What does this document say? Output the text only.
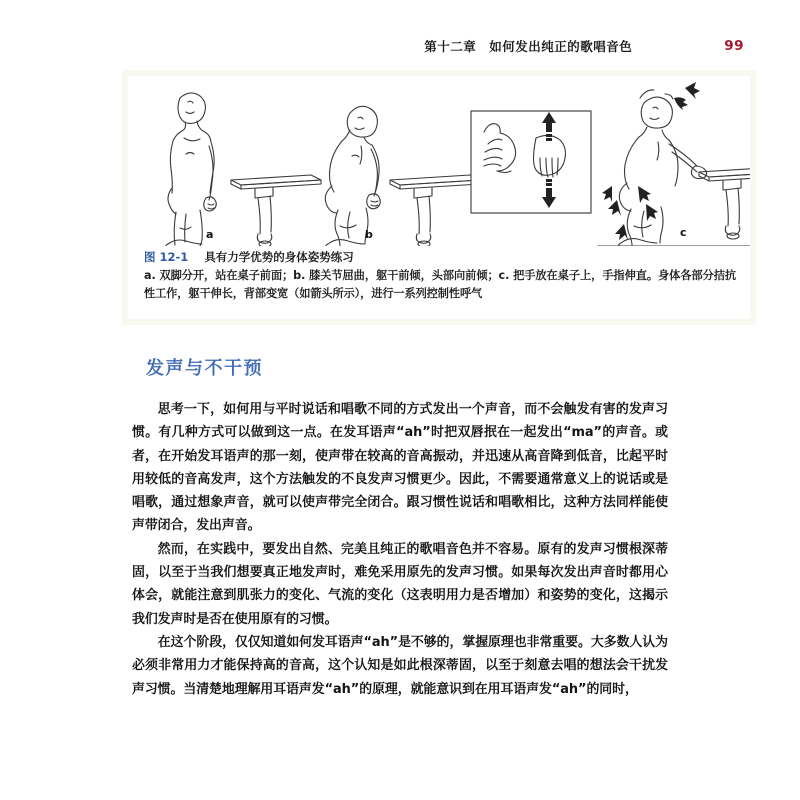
第十二章　如何发出纯正的歌唱音色	99
a	b	c
图 12-1 具有力学优势的身体姿势练习
a. 双脚分开，站在桌子前面；b. 膝关节屈曲，躯干前倾，头部向前倾；c. 把手放在桌子上，手指伸直。身体各部分拮抗性工作，躯干伸长，背部变宽（如箭头所示），进行一系列控制性呼气
发声与不干预

思考一下，如何用与平时说话和唱歌不同的方式发出一个声音，而不会触发有害的发声习惯。有几种方式可以做到这一点。在发耳语声“ah”时把双唇抿在一起发出“ma”的声音。或者，在开始发耳语声的那一刻，使声带在较高的音高振动，并迅速从高音降到低音，比起平时用较低的音高发声，这个方法触发的不良发声习惯更少。因此，不需要通常意义上的说话或是唱歌，通过想象声音，就可以使声带完全闭合。跟习惯性说话和唱歌相比，这种方法同样能使声带闭合，发出声音。

然而，在实践中，要发出自然、完美且纯正的歌唱音色并不容易。原有的发声习惯根深蒂固，以至于当我们想要真正地发声时，难免采用原先的发声习惯。如果每次发出声音时都用心体会，就能注意到肌张力的变化、气流的变化（这表明用力是否增加）和姿势的变化，这揭示我们发声时是否在使用原有的习惯。

在这个阶段，仅仅知道如何发耳语声“ah”是不够的，掌握原理也非常重要。大多数人认为必须非常用力才能保持高的音高，这个认知是如此根深蒂固，以至于刻意去唱的想法会干扰发声习惯。当清楚地理解用耳语声发“ah”的原理，就能意识到在用耳语声发“ah”的同时，
